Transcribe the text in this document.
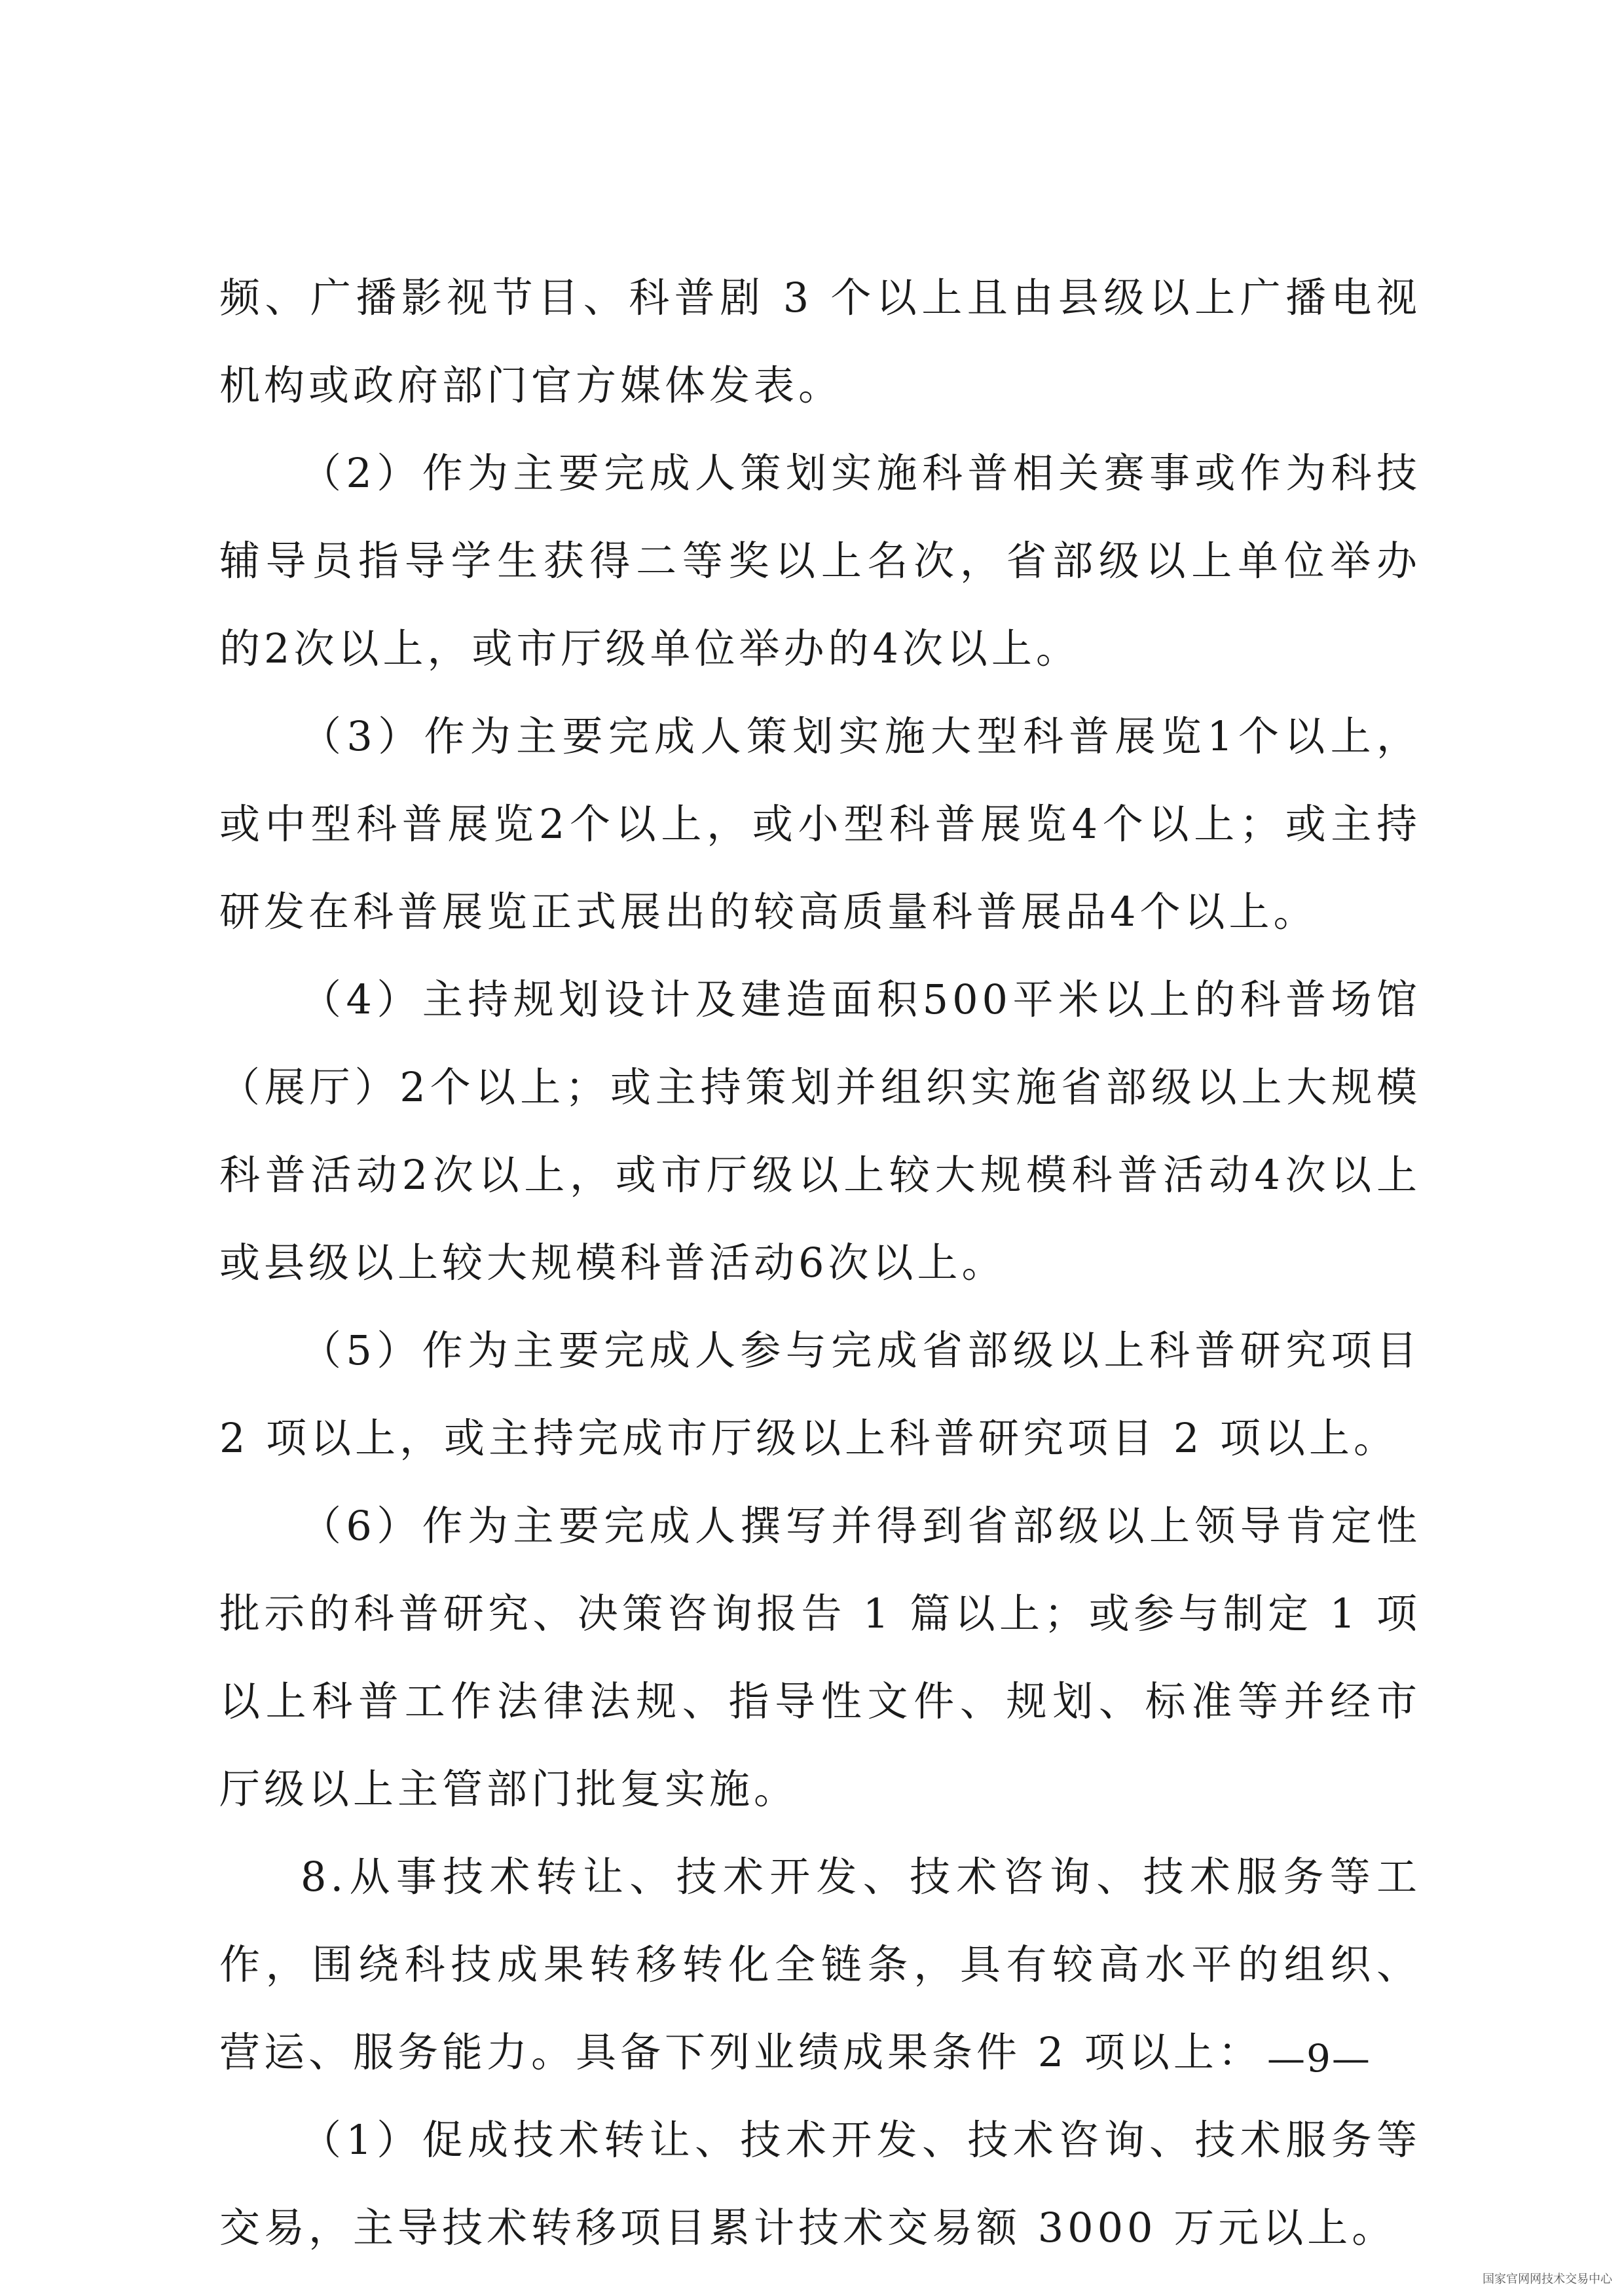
频、广播影视节目、科普剧 3 个以上且由县级以上广播电视机构或政府部门官方媒体发表。

（2）作为主要完成人策划实施科普相关赛事或作为科技辅导员指导学生获得二等奖以上名次，省部级以上单位举办的2次以上，或市厅级单位举办的4次以上。

（3）作为主要完成人策划实施大型科普展览1个以上，或中型科普展览2个以上，或小型科普展览4个以上；或主持研发在科普展览正式展出的较高质量科普展品4个以上。

（4）主持规划设计及建造面积500平米以上的科普场馆（展厅）2个以上；或主持策划并组织实施省部级以上大规模科普活动2次以上，或市厅级以上较大规模科普活动4次以上或县级以上较大规模科普活动6次以上。

（5）作为主要完成人参与完成省部级以上科普研究项目 2 项以上，或主持完成市厅级以上科普研究项目 2 项以上。

（6）作为主要完成人撰写并得到省部级以上领导肯定性批示的科普研究、决策咨询报告 1 篇以上；或参与制定 1 项以上科普工作法律法规、指导性文件、规划、标准等并经市厅级以上主管部门批复实施。

8.从事技术转让、技术开发、技术咨询、技术服务等工作，围绕科技成果转移转化全链条，具有较高水平的组织、营运、服务能力。具备下列业绩成果条件 2 项以上：

（1）促成技术转让、技术开发、技术咨询、技术服务等交易，主导技术转移项目累计技术交易额 3000 万元以上。

—9—
国家官网网技术交易中心
